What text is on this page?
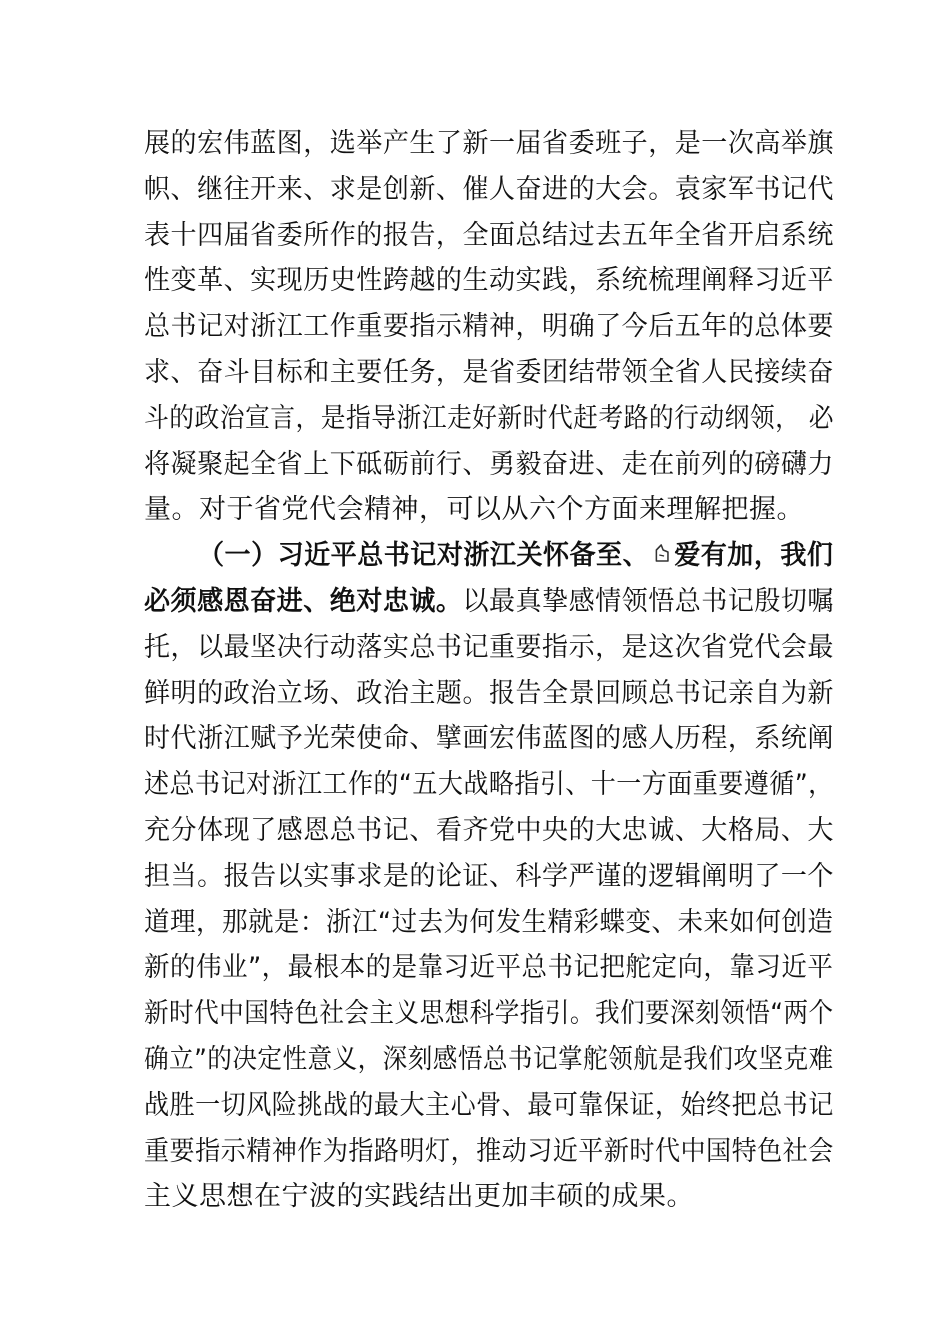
展的宏伟蓝图，选举产生了新一届省委班子，是一次高举旗
帜、继往开来、求是创新、催人奋进的大会。袁家军书记代
表十四届省委所作的报告，全面总结过去五年全省开启系统
性变革、实现历史性跨越的生动实践，系统梳理阐释习近平
总书记对浙江工作重要指示精神，明确了今后五年的总体要
求、奋斗目标和主要任务，是省委团结带领全省人民接续奋
斗的政治宣言，是指导浙江走好新时代赶考路的行动纲领， 必
将凝聚起全省上下砥砺前行、勇毅奋进、走在前列的磅礴力
量。对于省党代会精神，可以从六个方面来理解把握。
（一）习近平总书记对浙江关怀备至、 爱有加，我们
必须感恩奋进、绝对忠诚。以最真挚感情领悟总书记殷切嘱
托，以最坚决行动落实总书记重要指示，是这次省党代会最
鲜明的政治立场、政治主题。报告全景回顾总书记亲自为新
时代浙江赋予光荣使命、擘画宏伟蓝图的感人历程，系统阐
述总书记对浙江工作的“五大战略指引、十一方面重要遵循”，
充分体现了感恩总书记、看齐党中央的大忠诚、大格局、大
担当。报告以实事求是的论证、科学严谨的逻辑阐明了一个
道理，那就是：浙江“过去为何发生精彩蝶变、未来如何创造
新的伟业”，最根本的是靠习近平总书记把舵定向，靠习近平
新时代中国特色社会主义思想科学指引。我们要深刻领悟“两个
确立”的决定性意义，深刻感悟总书记掌舵领航是我们攻坚克难
战胜一切风险挑战的最大主心骨、最可靠保证，始终把总书记
重要指示精神作为指路明灯，推动习近平新时代中国特色社会
主义思想在宁波的实践结出更加丰硕的成果。
